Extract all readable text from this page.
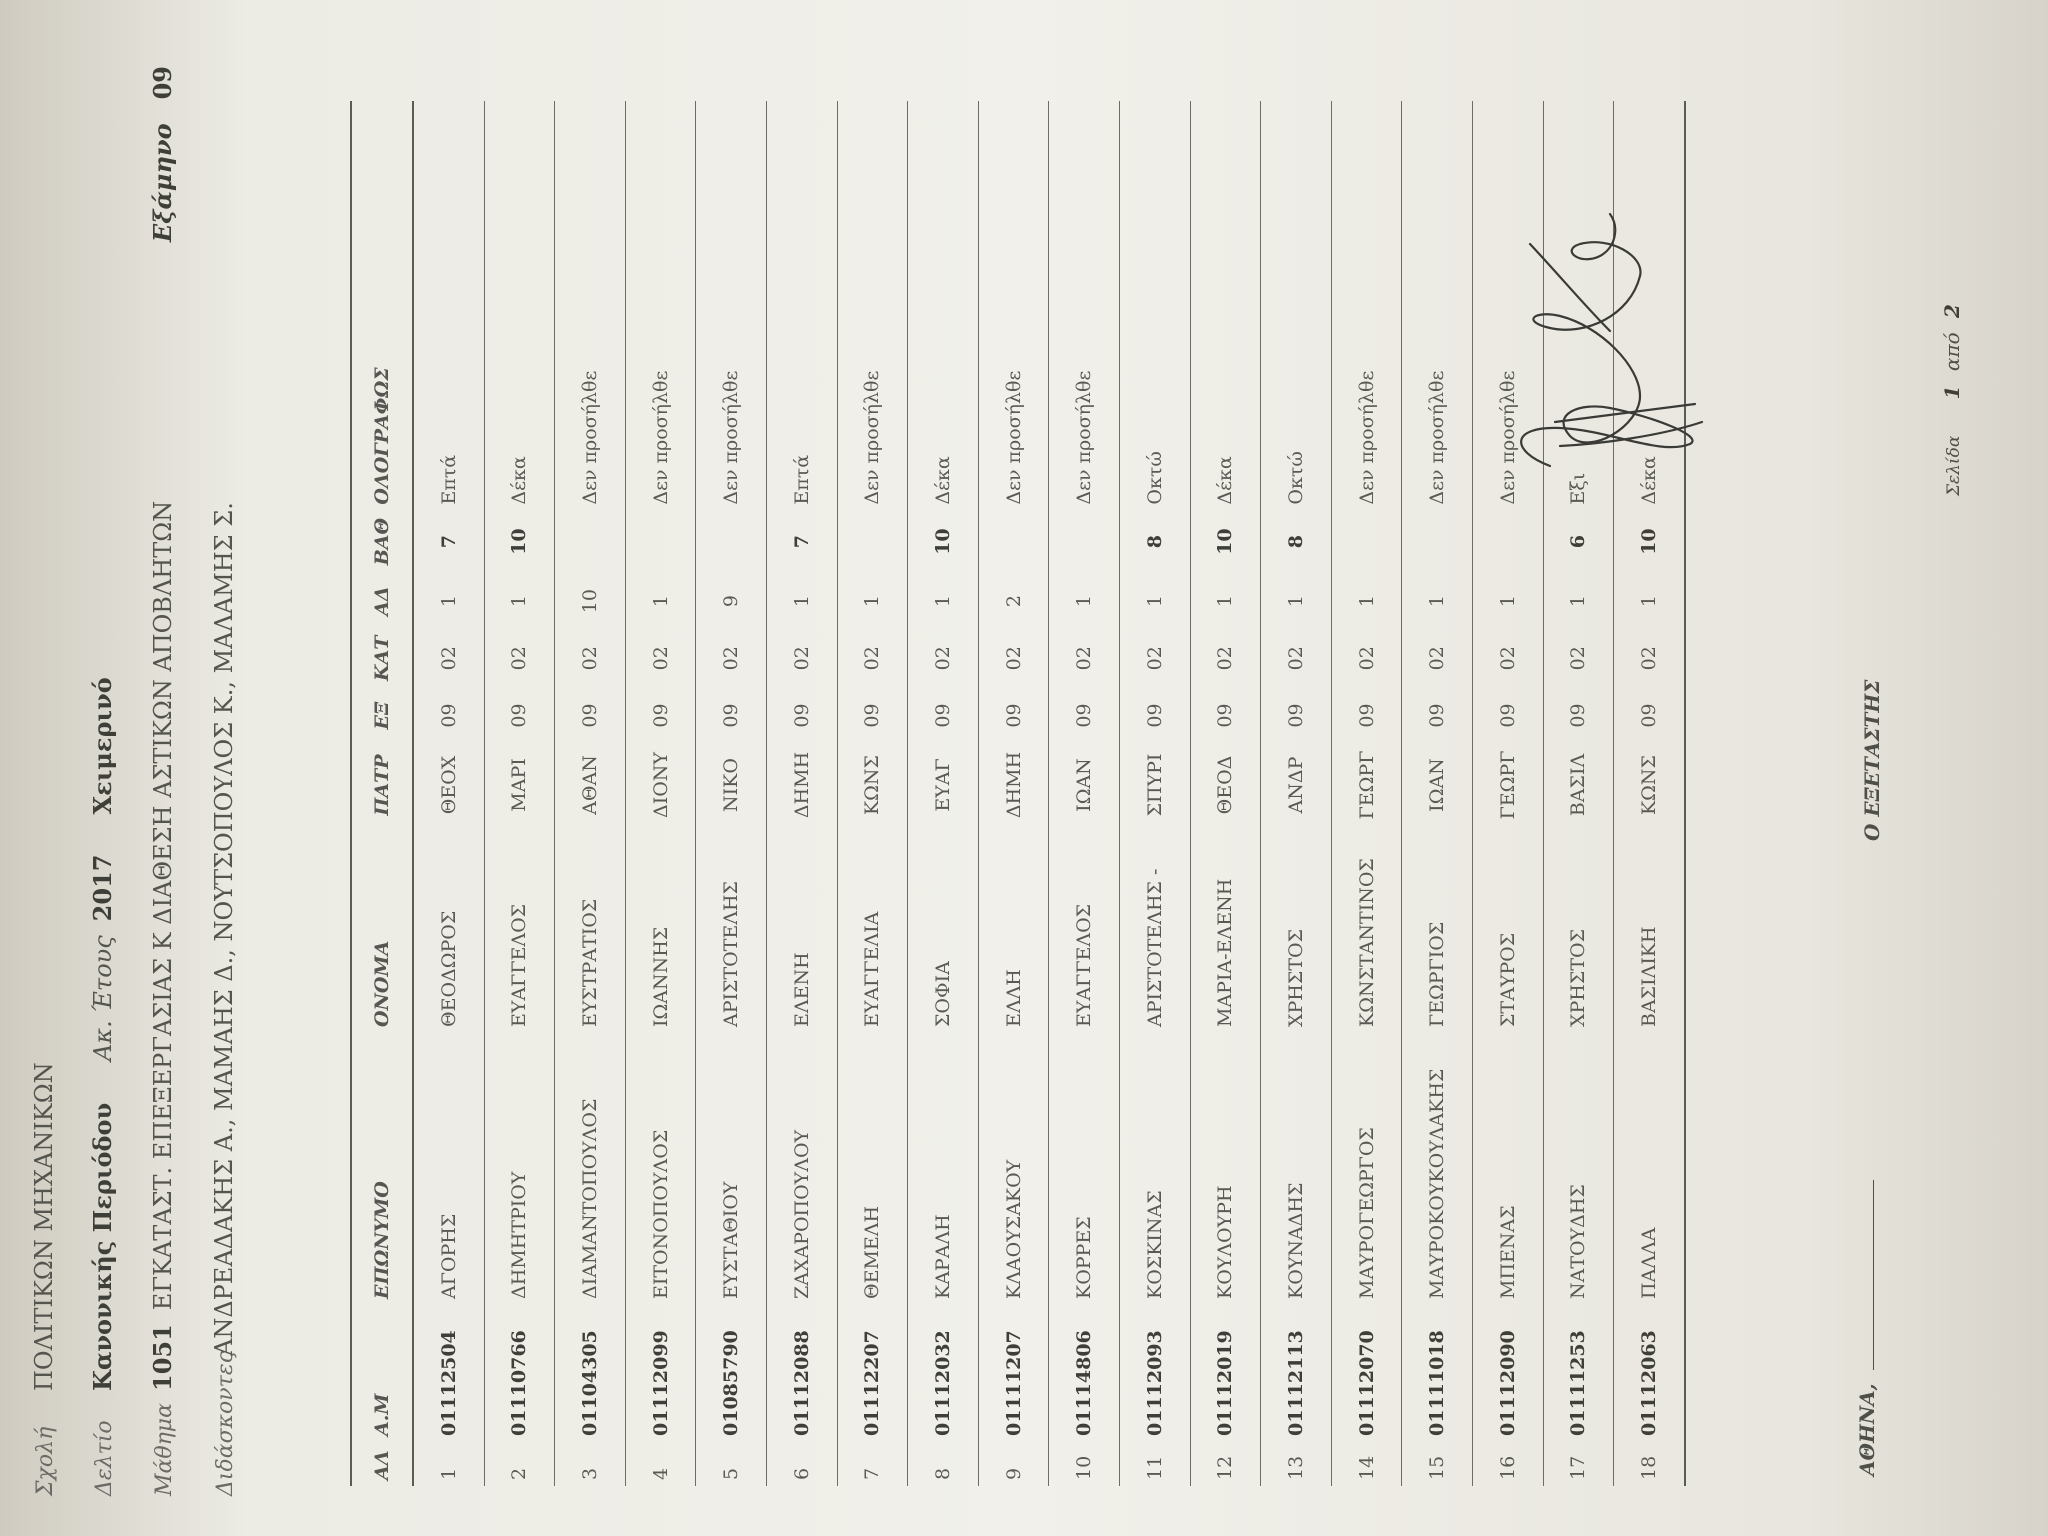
Σχολή
ΠΟΛΙΤΙΚΩΝ ΜΗΧΑΝΙΚΩΝ
Δελτίο
Κανονικής Περιόδου
Ακ. Έτους
2017
Χειμερινό
Μάθημα
1051
ΕΓΚΑΤΑΣΤ. ΕΠΕΞΕΡΓΑΣΙΑΣ Κ ΔΙΑΘΕΣΗ ΑΣΤΙΚΩΝ ΑΠΟΒΛΗΤΩΝ
Εξάμηνο
09
Διδάσκοντες
ΑΝΔΡΕΑΔΑΚΗΣ Α., ΜΑΜΑΗΣ Δ., ΝΟΥΤΣΟΠΟΥΛΟΣ Κ., ΜΑΛΑΜΗΣ Σ.
ΑΛ	Α.Μ	ΕΠΩΝΥΜΟ	ΟΝΟΜΑ	ΠΑΤΡ	ΕΞ	ΚΑΤ	ΑΔ	ΒΑΘ	ΟΛΟΓΡΑΦΩΣ
1	01112504	ΑΓΟΡΗΣ	ΘΕΟΔΩΡΟΣ	ΘΕΟΧ	09	02	1	7	Επτά
2	01110766	ΔΗΜΗΤΡΙΟΥ	ΕΥΑΓΓΕΛΟΣ	ΜΑΡΙ	09	02	1	10	Δέκα
3	01104305	ΔΙΑΜΑΝΤΟΠΟΥΛΟΣ	ΕΥΣΤΡΑΤΙΟΣ	ΑΘΑΝ	09	02	10		Δεν προσήλθε
4	01112099	ΕΙΤΟΝΟΠΟΥΛΟΣ	ΙΩΑΝΝΗΣ	ΔΙΟΝΥ	09	02	1		Δεν προσήλθε
5	01085790	ΕΥΣΤΑΘΙΟΥ	ΑΡΙΣΤΟΤΕΛΗΣ	ΝΙΚΟ	09	02	9		Δεν προσήλθε
6	01112088	ΖΑΧΑΡΟΠΟΥΛΟΥ	ΕΛΕΝΗ	ΔΗΜΗ	09	02	1	7	Επτά
7	01112207	ΘΕΜΕΛΗ	ΕΥΑΓΓΕΛΙΑ	ΚΩΝΣ	09	02	1		Δεν προσήλθε
8	01112032	ΚΑΡΑΛΗ	ΣΟΦΙΑ	ΕΥΑΓ	09	02	1	10	Δέκα
9	01111207	ΚΛΑΟΥΣΑΚΟΥ	ΕΛΛΗ	ΔΗΜΗ	09	02	2		Δεν προσήλθε
10	01114806	ΚΟΡΡΕΣ	ΕΥΑΓΓΕΛΟΣ	ΙΩΑΝ	09	02	1		Δεν προσήλθε
11	01112093	ΚΟΣΚΙΝΑΣ	ΑΡΙΣΤΟΤΕΛΗΣ -	ΣΠΥΡΙ	09	02	1	8	Οκτώ
12	01112019	ΚΟΥΛΟΥΡΗ	ΜΑΡΙΑ-ΕΛΕΝΗ	ΘΕΟΔ	09	02	1	10	Δέκα
13	01112113	ΚΟΥΝΑΔΗΣ	ΧΡΗΣΤΟΣ	ΑΝΔΡ	09	02	1	8	Οκτώ
14	01112070	ΜΑΥΡΟΓΕΩΡΓΟΣ	ΚΩΝΣΤΑΝΤΙΝΟΣ	ΓΕΩΡΓ	09	02	1		Δεν προσήλθε
15	01111018	ΜΑΥΡΟΚΟΥΚΟΥΛΑΚΗΣ	ΓΕΩΡΓΙΟΣ	ΙΩΑΝ	09	02	1		Δεν προσήλθε
16	01112090	ΜΠΕΝΑΣ	ΣΤΑΥΡΟΣ	ΓΕΩΡΓ	09	02	1		Δεν προσήλθε
17	01111253	ΝΑΤΟΥΔΗΣ	ΧΡΗΣΤΟΣ	ΒΑΣΙΛ	09	02	1	6	Εξι
18	01112063	ΠΑΛΛΑ	ΒΑΣΙΛΙΚΗ	ΚΩΝΣ	09	02	1	10	Δέκα
ΑΘΗΝΑ,
Ο ΕΞΕΤΑΣΤΗΣ
Σελίδα 1 από 2
